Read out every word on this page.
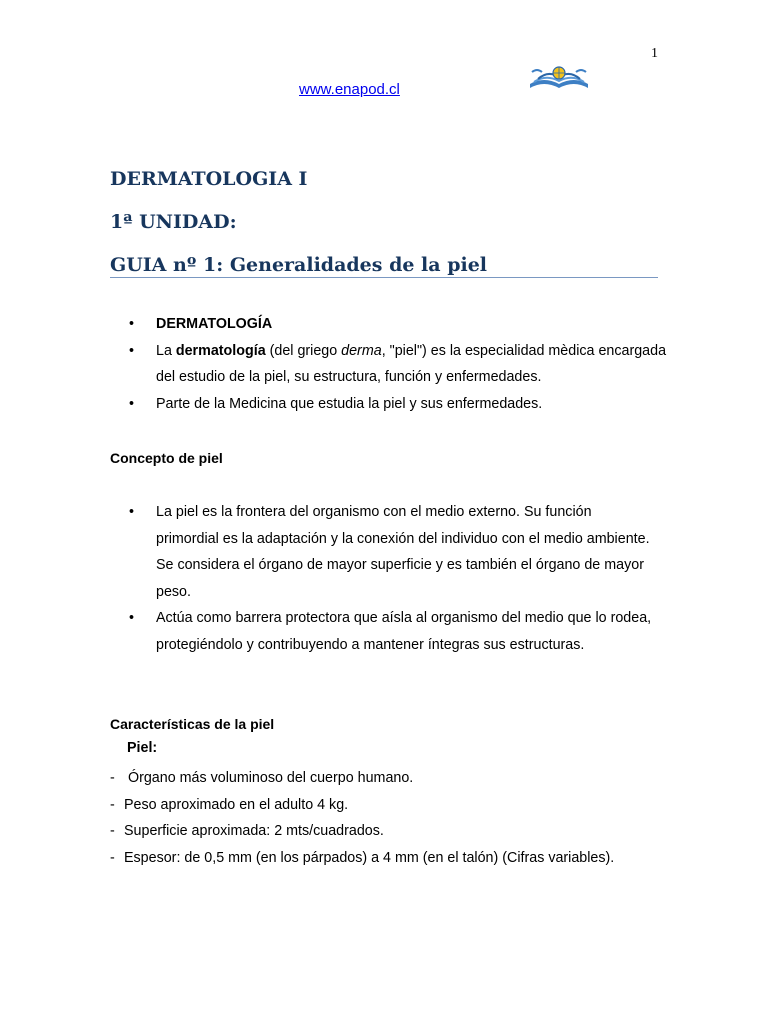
1
www.enapod.cl
DERMATOLOGIA I
1ª UNIDAD:
GUIA nº 1: Generalidades de la piel
• DERMATOLOGÍA
• La dermatología (del griego derma, "piel") es la especialidad mèdica encargada del estudio de la piel, su estructura, función y enfermedades.
• Parte de la Medicina que estudia la piel y sus enfermedades.
Concepto de piel
• La piel es la frontera del organismo con el medio externo. Su función primordial es la adaptación y la conexión del individuo con el medio ambiente. Se considera el órgano de mayor superficie y es también el órgano de mayor peso.
• Actúa como barrera protectora que aísla al organismo del medio que lo rodea, protegiéndolo y contribuyendo a mantener íntegras sus estructuras.
Características de la piel
Piel:
- Órgano más voluminoso del cuerpo humano.
- Peso aproximado en el adulto 4 kg.
- Superficie aproximada: 2 mts/cuadrados.
- Espesor: de 0,5 mm (en los párpados) a 4 mm (en el talón) (Cifras variables).
